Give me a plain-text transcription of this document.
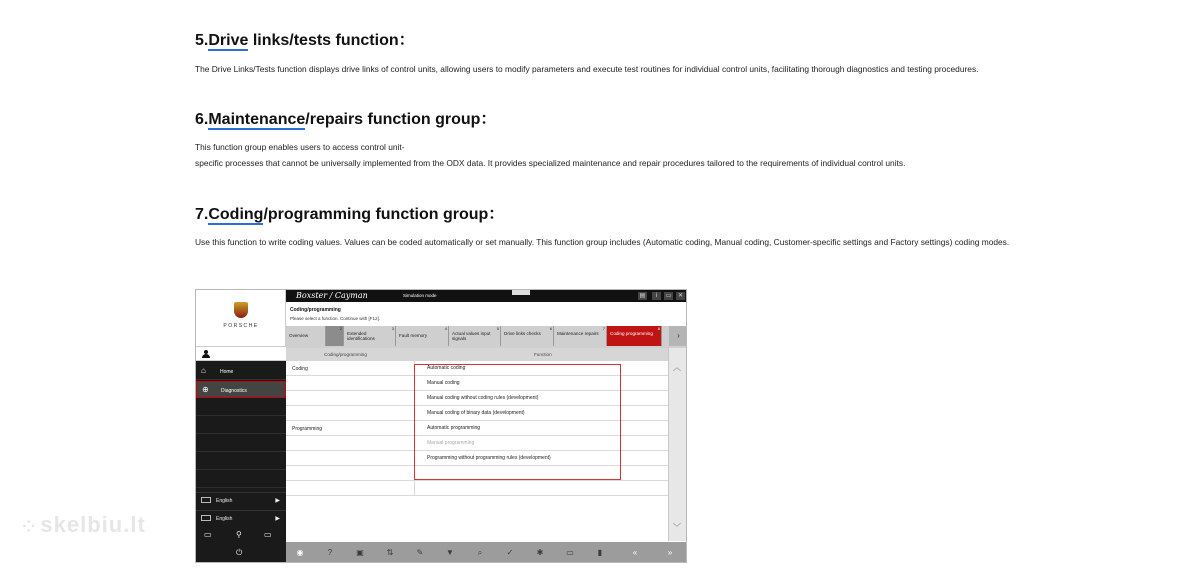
5.Drive links/tests function：
The Drive Links/Tests function displays drive links of control units, allowing users to modify parameters and execute test routines for individual control units, facilitating thorough diagnostics and testing procedures.
6.Maintenance/repairs function group：
This function group enables users to access control unit-
specific processes that cannot be universally implemented from the ODX data. It provides specialized maintenance and repair procedures tailored to the requirements of individual control units.
7.Coding/programming function group：
Use this function to write coding values. Values can be coded automatically or set manually. This function group includes (Automatic coding, Manual coding, Customer-specific settings and Factory settings) coding modes.
PORSCHE
⌂	Home
⊕ Diagnostics
English	▶
English	▶
▭	⚲	▭
⏻
Boxster / Cayman	Simulation mode	▤	i	▭	✕
Coding/programming
Please select a function. Continue with [F12].
Overview
2
Extended identifications
3
Fault memory
4
Actual values input signals
5
Drive links checks
6
Maintenance repairs
7
Coding programming
8
›
Coding/programming	Function
Coding	Automatic coding
Manual coding
Manual coding without coding rules (development)
Manual coding of binary data (development)
Programming	Automatic programming
Manual programming
Programming without programming rules (development)
︿
﹀
◉	?	▣	⇅	✎	▼	⌕	✓	✱	▭	▮	«	»
⁘ skelbiu.lt
